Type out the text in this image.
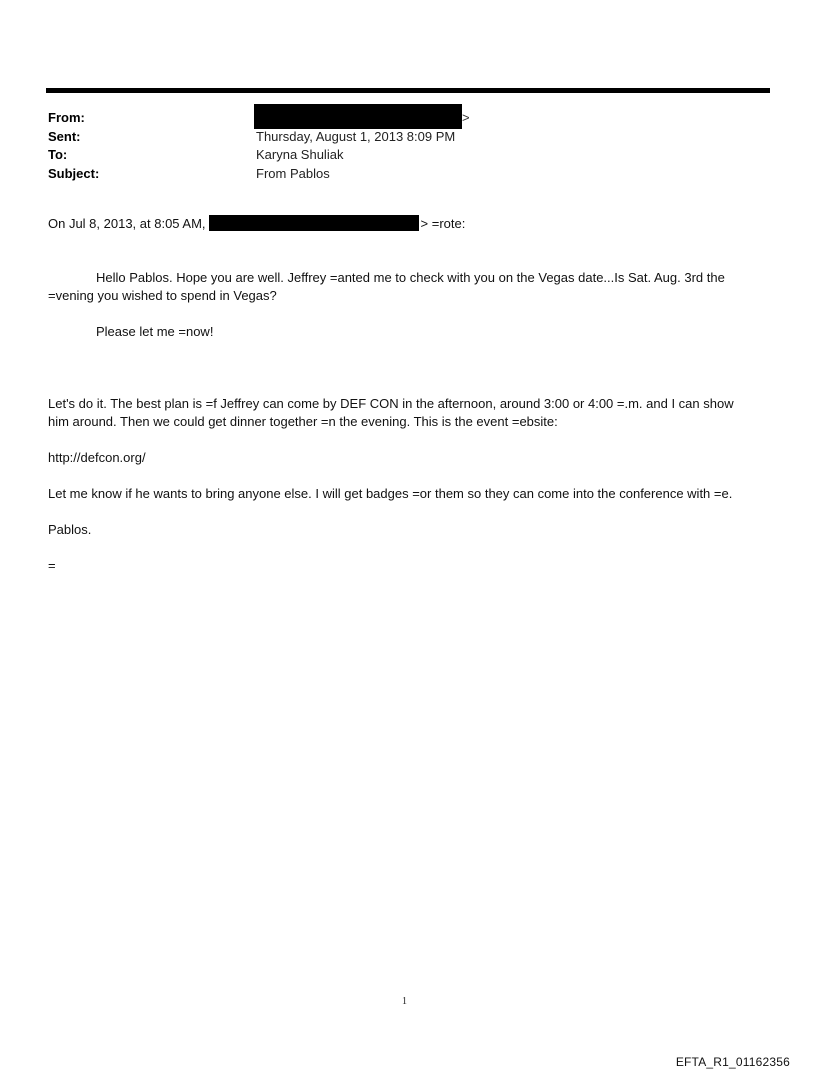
From:	>
Sent:	Thursday, August 1, 2013 8:09 PM
To:	Karyna Shuliak
Subject:	From Pablos
On Jul 8, 2013, at 8:05 AM,	> =rote:
Hello Pablos. Hope you are well. Jeffrey =anted me to check with you on the Vegas date...Is Sat. Aug. 3rd the
=vening you wished to spend in Vegas?
Please let me =now!
Let's do it. The best plan is =f Jeffrey can come by DEF CON in the afternoon, around 3:00 or 4:00 =.m. and I can show
him around. Then we could get dinner together =n the evening. This is the event =ebsite:
http://defcon.org/
Let me know if he wants to bring anyone else. I will get badges =or them so they can come into the conference with =e.
Pablos.
=
1
EFTA_R1_01162356
